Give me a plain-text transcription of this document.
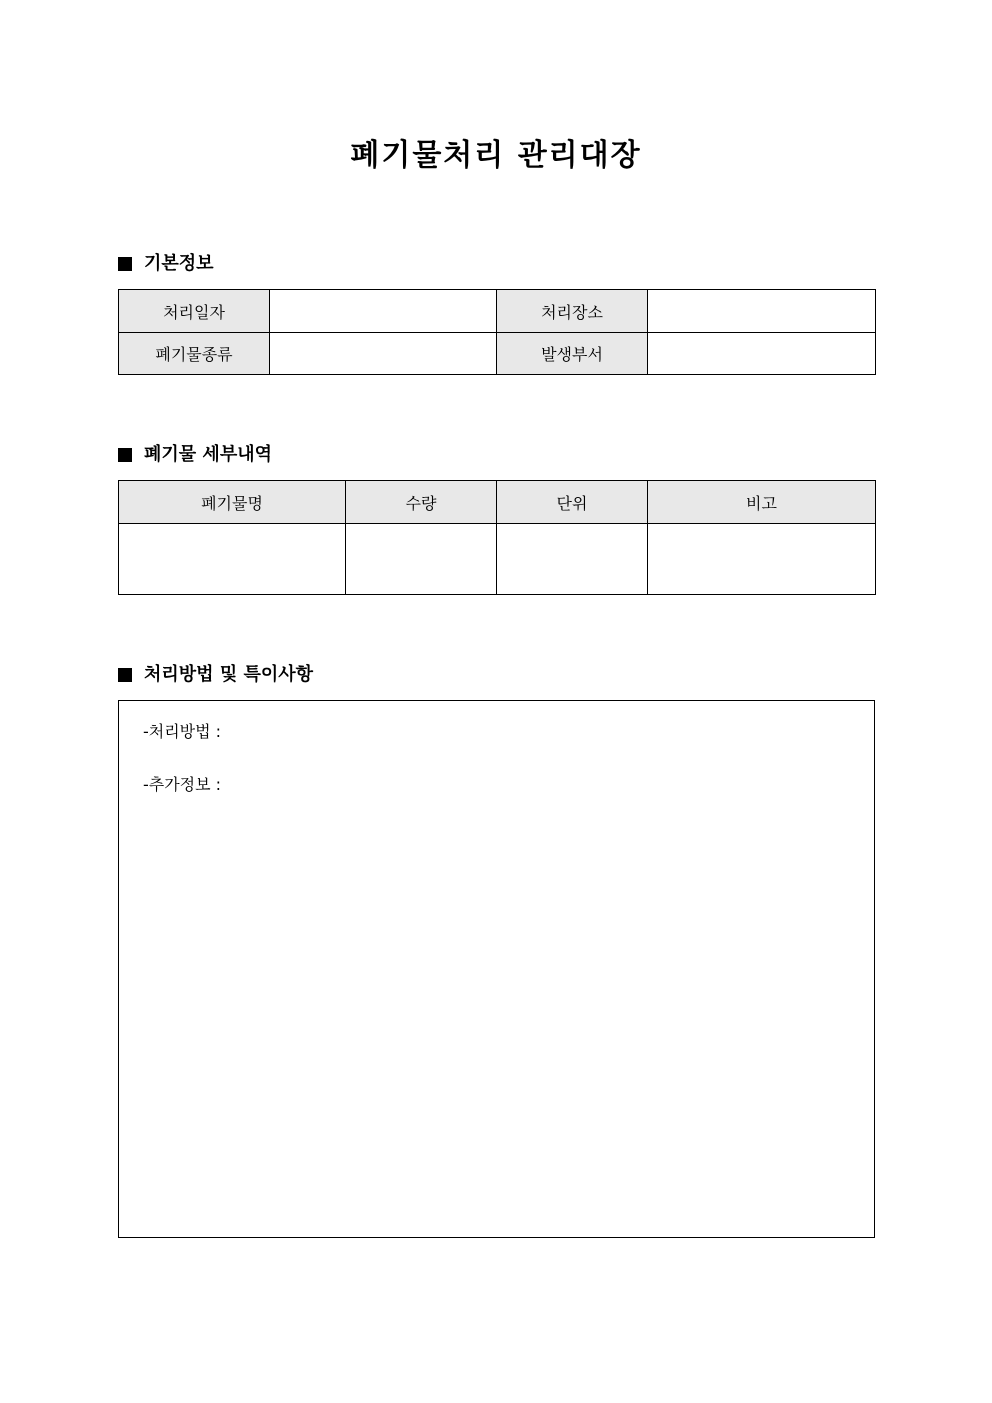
폐기물처리 관리대장
기본정보
처리일자		처리장소	
폐기물종류		발생부서	
폐기물 세부내역
폐기물명	수량	단위	비고

처리방법 및 특이사항
-처리방법 :
-추가정보 :
